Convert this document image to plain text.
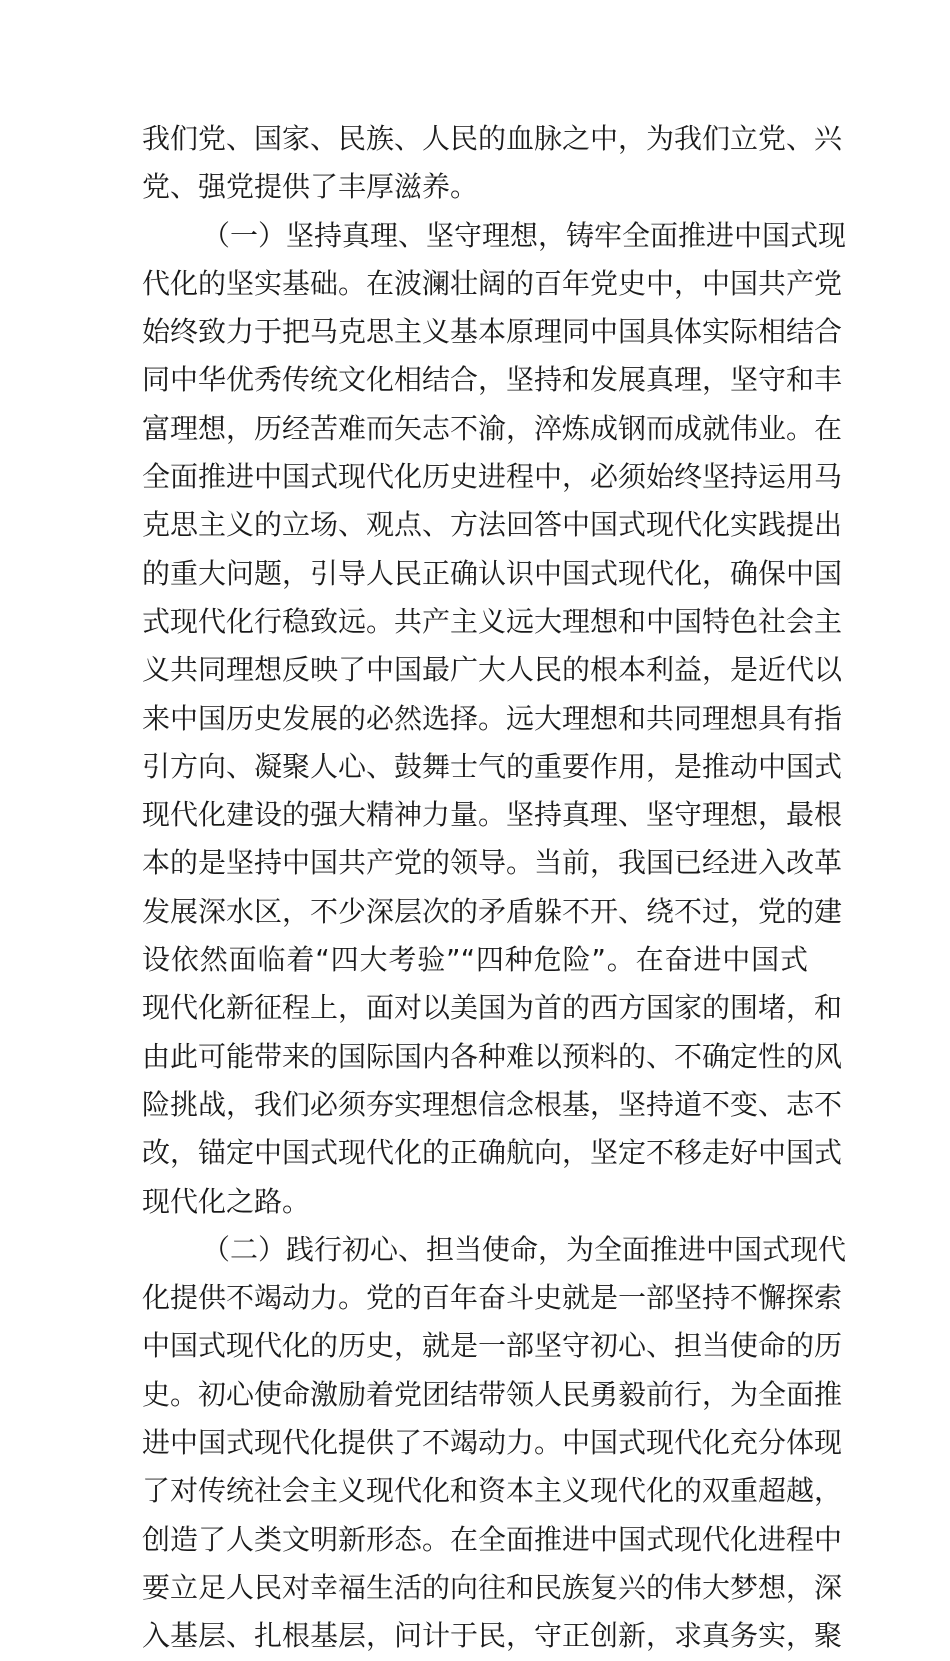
我们党、国家、民族、人民的血脉之中，为我们立党、兴
党、强党提供了丰厚滋养。
（一）坚持真理、坚守理想，铸牢全面推进中国式现
代化的坚实基础。在波澜壮阔的百年党史中，中国共产党
始终致力于把马克思主义基本原理同中国具体实际相结合
同中华优秀传统文化相结合，坚持和发展真理，坚守和丰
富理想，历经苦难而矢志不渝，淬炼成钢而成就伟业。在
全面推进中国式现代化历史进程中，必须始终坚持运用马
克思主义的立场、观点、方法回答中国式现代化实践提出
的重大问题，引导人民正确认识中国式现代化，确保中国
式现代化行稳致远。共产主义远大理想和中国特色社会主
义共同理想反映了中国最广大人民的根本利益，是近代以
来中国历史发展的必然选择。远大理想和共同理想具有指
引方向、凝聚人心、鼓舞士气的重要作用，是推动中国式
现代化建设的强大精神力量。坚持真理、坚守理想，最根
本的是坚持中国共产党的领导。当前，我国已经进入改革
发展深水区，不少深层次的矛盾躲不开、绕不过，党的建
设依然面临着“四大考验”“四种危险”。在奋进中国式
现代化新征程上，面对以美国为首的西方国家的围堵，和
由此可能带来的国际国内各种难以预料的、不确定性的风
险挑战，我们必须夯实理想信念根基，坚持道不变、志不
改，锚定中国式现代化的正确航向，坚定不移走好中国式
现代化之路。
（二）践行初心、担当使命，为全面推进中国式现代
化提供不竭动力。党的百年奋斗史就是一部坚持不懈探索
中国式现代化的历史，就是一部坚守初心、担当使命的历
史。初心使命激励着党团结带领人民勇毅前行，为全面推
进中国式现代化提供了不竭动力。中国式现代化充分体现
了对传统社会主义现代化和资本主义现代化的双重超越，
创造了人类文明新形态。在全面推进中国式现代化进程中
要立足人民对幸福生活的向往和民族复兴的伟大梦想，深
入基层、扎根基层，问计于民，守正创新，求真务实，聚
